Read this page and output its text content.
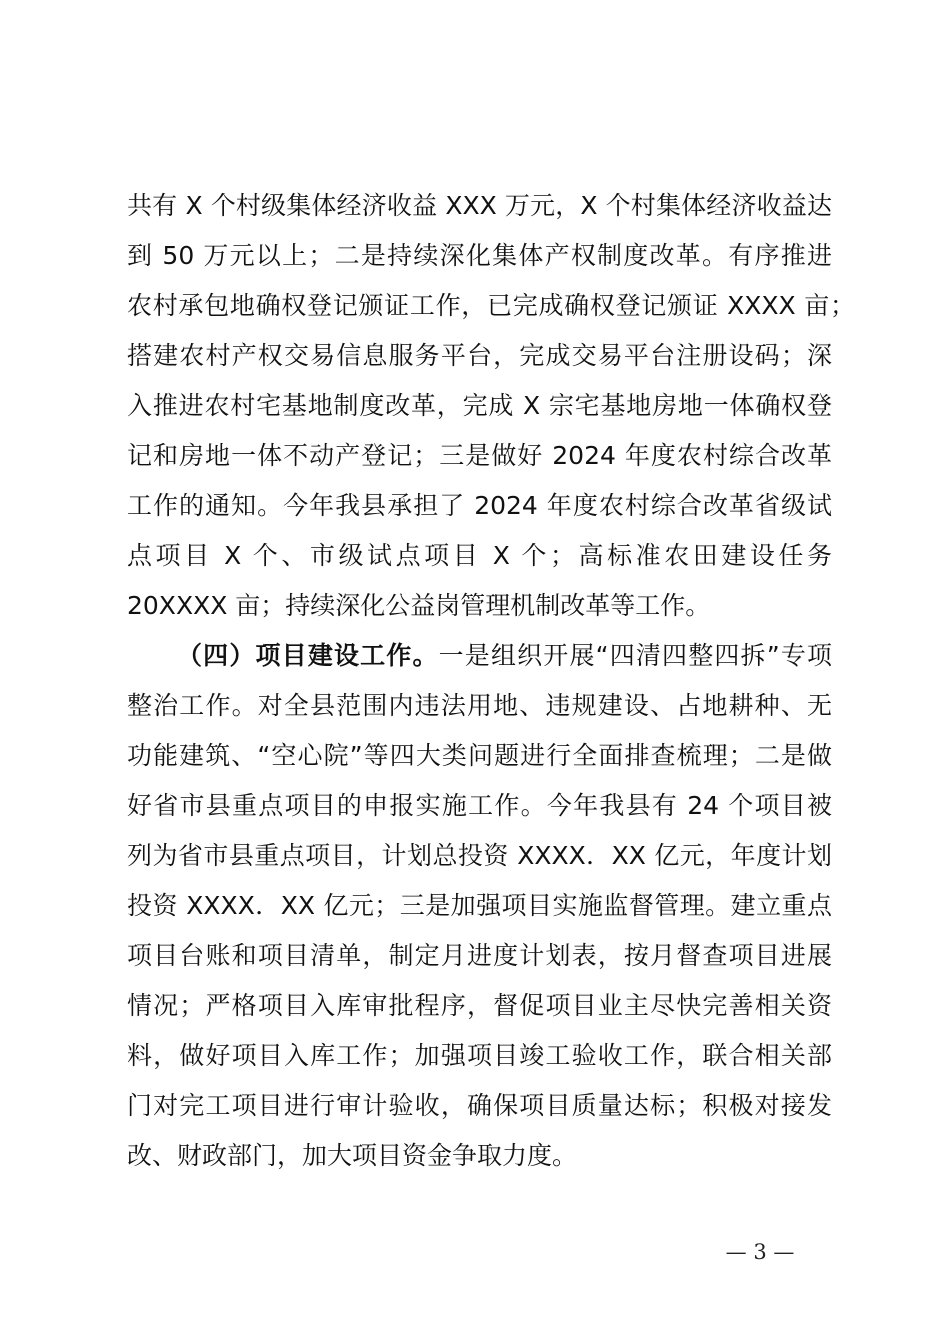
共有 X 个村级集体经济收益 XXX 万元，X 个村集体经济收益达
到 50 万元以上；二是持续深化集体产权制度改革。有序推进
农村承包地确权登记颁证工作，已完成确权登记颁证 XXXX 亩；
搭建农村产权交易信息服务平台，完成交易平台注册设码；深
入推进农村宅基地制度改革，完成 X 宗宅基地房地一体确权登
记和房地一体不动产登记；三是做好 2024 年度农村综合改革
工作的通知。今年我县承担了 2024 年度农村综合改革省级试
点项目 X 个、市级试点项目 X 个；高标准农田建设任务
20XXXX 亩；持续深化公益岗管理机制改革等工作。
（四）项目建设工作。一是组织开展“四清四整四拆”专项
整治工作。对全县范围内违法用地、违规建设、占地耕种、无
功能建筑、“空心院”等四大类问题进行全面排查梳理；二是做
好省市县重点项目的申报实施工作。今年我县有 24 个项目被
列为省市县重点项目，计划总投资 XXXX．XX 亿元，年度计划
投资 XXXX．XX 亿元；三是加强项目实施监督管理。建立重点
项目台账和项目清单，制定月进度计划表，按月督查项目进展
情况；严格项目入库审批程序，督促项目业主尽快完善相关资
料，做好项目入库工作；加强项目竣工验收工作，联合相关部
门对完工项目进行审计验收，确保项目质量达标；积极对接发
改、财政部门，加大项目资金争取力度。
— 3 —
